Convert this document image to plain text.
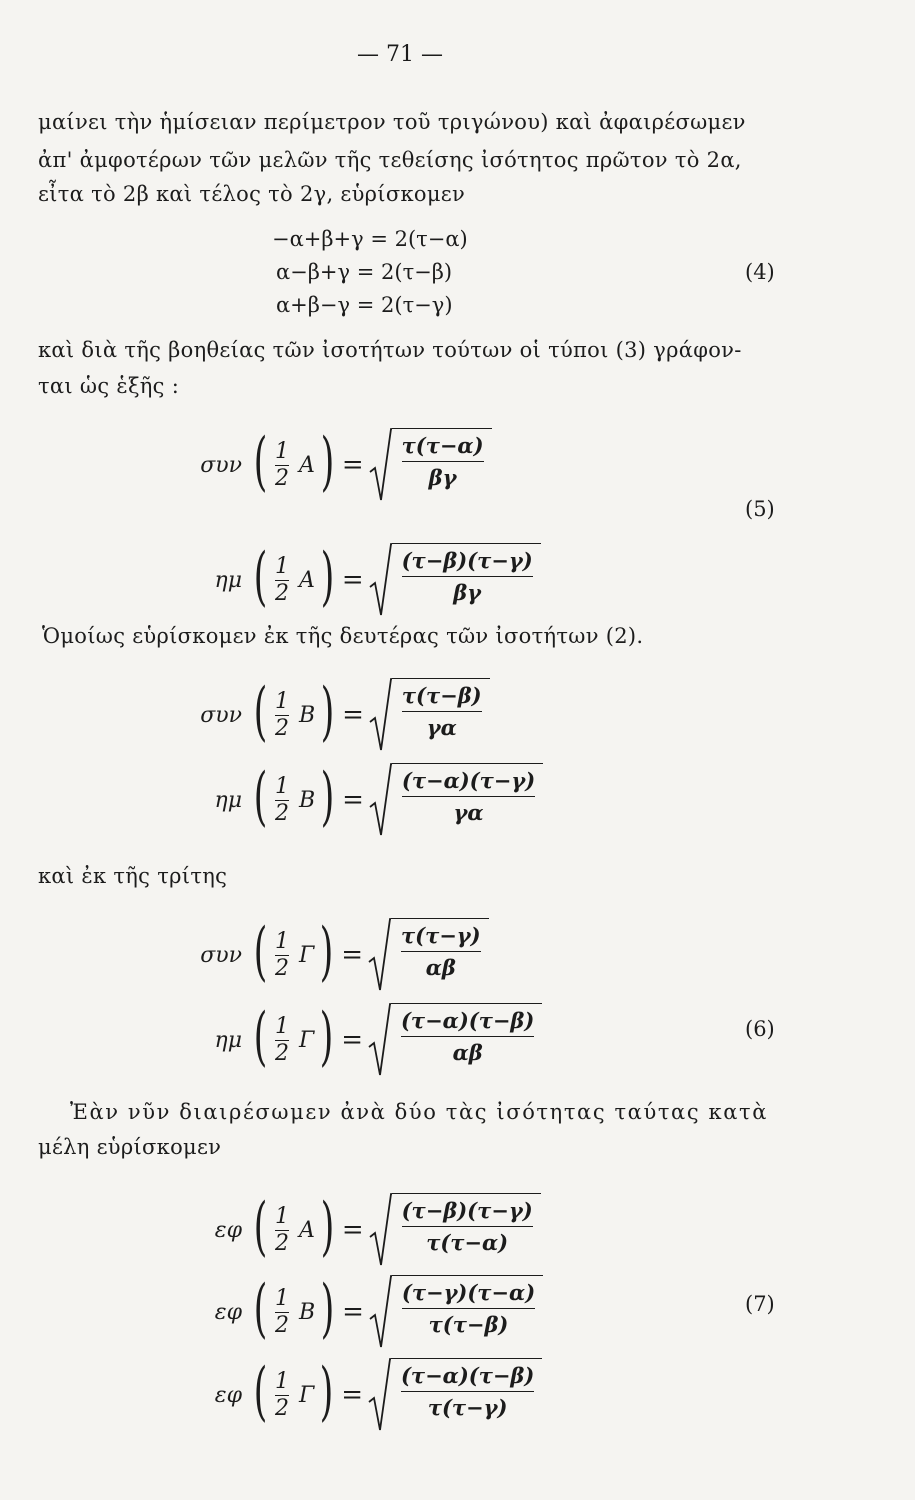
— 71 —
μαίνει τὴν ἡμίσειαν περίμετρον τοῦ τριγώνου) καὶ ἀφαιρέσωμεν
ἀπ' ἀμφοτέρων τῶν μελῶν τῆς τεθείσης ἰσότητος πρῶτον τὸ 2α,
εἶτα τὸ 2β καὶ τέλος τὸ 2γ, εὑρίσκομεν
−α+β+γ = 2(τ−α)
α−β+γ = 2(τ−β)
α+β−γ = 2(τ−γ)
(4)
καὶ διὰ τῆς βοηθείας τῶν ἰσοτήτων τούτων οἱ τύποι (3) γράφον-
ται ὡς ἑξῆς :
(5)
Ὁμοίως εὑρίσκομεν ἐκ τῆς δευτέρας τῶν ἰσοτήτων (2).
καὶ ἐκ τῆς τρίτης
(6)
Ἐὰν νῦν διαιρέσωμεν ἀνὰ δύο τὰς ἰσότητας ταύτας κατὰ
μέλη εὑρίσκομεν
(7)
συν ( $\frac{1}{2}$ A ) =
τ(τ−α)
βγ
ημ ( $\frac{1}{2}$ A ) =
(τ−β)(τ−γ)
βγ
συν ( $\frac{1}{2}$ B ) =
τ(τ−β)
γα
ημ ( $\frac{1}{2}$ B ) =
(τ−α)(τ−γ)
γα
συν ( $\frac{1}{2}$ Γ ) =
τ(τ−γ)
αβ
ημ ( $\frac{1}{2}$ Γ ) =
(τ−α)(τ−β)
αβ
εφ ( $\frac{1}{2}$ A ) =
(τ−β)(τ−γ)
τ(τ−α)
εφ ( $\frac{1}{2}$ B ) =
(τ−γ)(τ−α)
τ(τ−β)
εφ ( $\frac{1}{2}$ Γ ) =
(τ−α)(τ−β)
τ(τ−γ)
